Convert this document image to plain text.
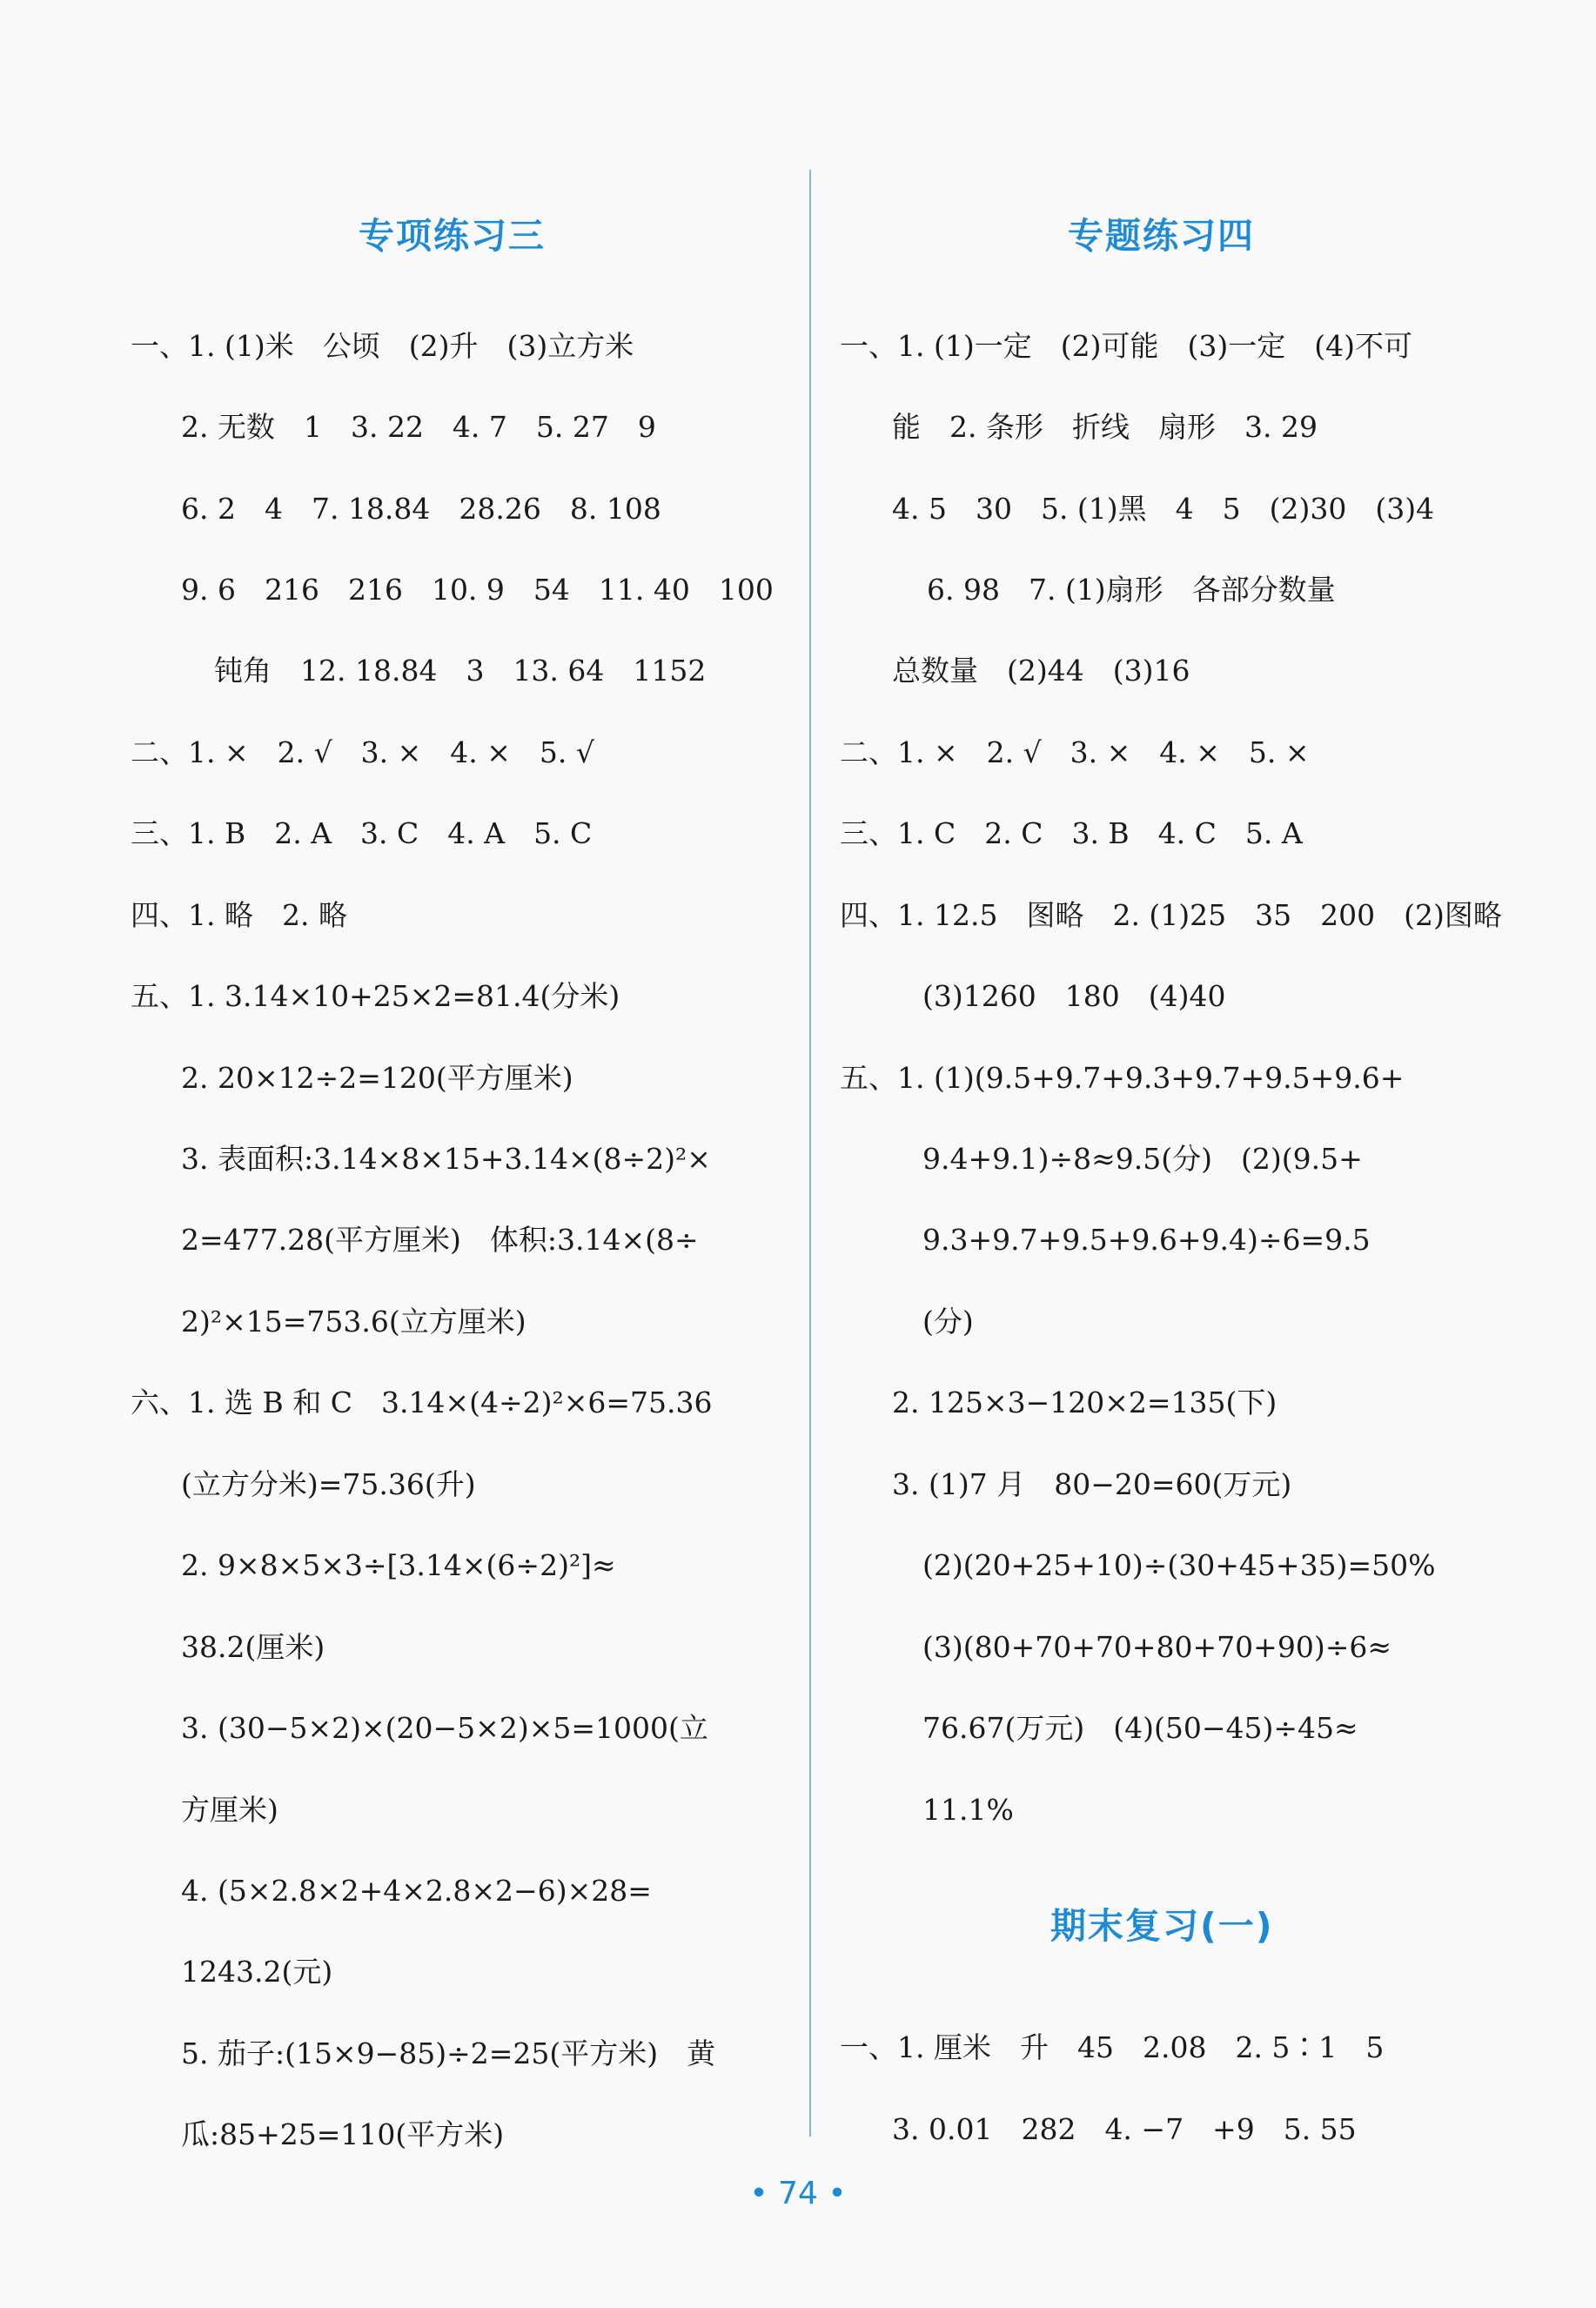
专项练习三
一、1. (1)米　公顷　(2)升　(3)立方米
2. 无数　1　3. 22　4. 7　5. 27　9
6. 2　4　7. 18.84　28.26　8. 108
9. 6　216　216　10. 9　54　11. 40　100
钝角　12. 18.84　3　13. 64　1152
二、1. ×　2. √　3. ×　4. ×　5. √
三、1. B　2. A　3. C　4. A　5. C
四、1. 略　2. 略
五、1. 3.14×10+25×2=81.4(分米)
2. 20×12÷2=120(平方厘米)
3. 表面积:3.14×8×15+3.14×(8÷2)²×
2=477.28(平方厘米)　体积:3.14×(8÷
2)²×15=753.6(立方厘米)
六、1. 选 B 和 C　3.14×(4÷2)²×6=75.36
(立方分米)=75.36(升)
2. 9×8×5×3÷[3.14×(6÷2)²]≈
38.2(厘米)
3. (30−5×2)×(20−5×2)×5=1000(立
方厘米)
4. (5×2.8×2+4×2.8×2−6)×28=
1243.2(元)
5. 茄子:(15×9−85)÷2=25(平方米)　黄
瓜:85+25=110(平方米)
专题练习四
一、1. (1)一定　(2)可能　(3)一定　(4)不可
能　2. 条形　折线　扇形　3. 29
4. 5　30　5. (1)黑　4　5　(2)30　(3)4
6. 98　7. (1)扇形　各部分数量
总数量　(2)44　(3)16
二、1. ×　2. √　3. ×　4. ×　5. ×
三、1. C　2. C　3. B　4. C　5. A
四、1. 12.5　图略　2. (1)25　35　200　(2)图略
(3)1260　180　(4)40
五、1. (1)(9.5+9.7+9.3+9.7+9.5+9.6+
9.4+9.1)÷8≈9.5(分)　(2)(9.5+
9.3+9.7+9.5+9.6+9.4)÷6=9.5
(分)
2. 125×3−120×2=135(下)
3. (1)7 月　80−20=60(万元)
(2)(20+25+10)÷(30+45+35)=50%
(3)(80+70+70+80+70+90)÷6≈
76.67(万元)　(4)(50−45)÷45≈
11.1%
期末复习(一)
一、1. 厘米　升　45　2.08　2. 5∶1　5
3. 0.01　282　4. −7　+9　5. 55
• 74 •
